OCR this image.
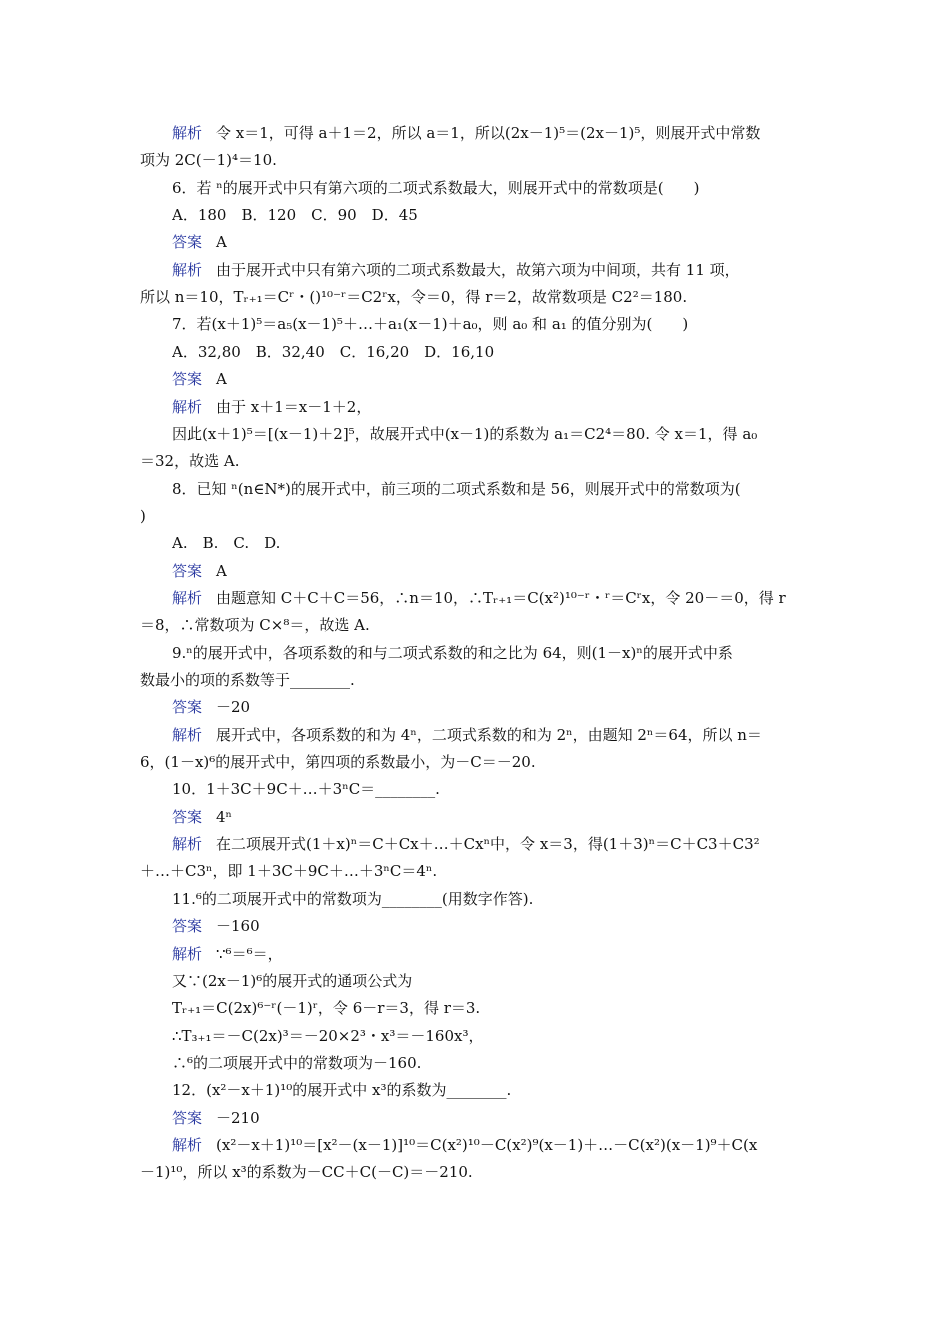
解析 令 x＝1，可得 a＋1＝2，所以 a＝1，所以(2x－1)⁵＝(2x－1)⁵，则展开式中常数
项为 2C(－1)⁴＝10.
6．若 ⁿ的展开式中只有第六项的二项式系数最大，则展开式中的常数项是(　　)
A．180　B．120　C．90　D．45
答案 A
解析 由于展开式中只有第六项的二项式系数最大，故第六项为中间项，共有 11 项，
所以 n＝10，Tᵣ₊₁＝Cʳ・()¹⁰⁻ʳ＝C2ʳx，令＝0，得 r＝2，故常数项是 C2²＝180.
7．若(x＋1)⁵＝a₅(x－1)⁵＋…＋a₁(x－1)＋a₀，则 a₀ 和 a₁ 的值分别为(　　)
A．32,80　B．32,40　C．16,20　D．16,10
答案 A
解析 由于 x＋1＝x－1＋2，
因此(x＋1)⁵＝[(x－1)＋2]⁵，故展开式中(x－1)的系数为 a₁＝C2⁴＝80. 令 x＝1，得 a₀
＝32，故选 A.
8．已知 ⁿ(n∈N*)的展开式中，前三项的二项式系数和是 56，则展开式中的常数项为(
)
A.　B.　C.　D.
答案 A
解析 由题意知 C＋C＋C＝56，∴n＝10，∴Tᵣ₊₁＝C(x²)¹⁰⁻ʳ・ʳ＝Cʳx，令 20－＝0，得 r
＝8，∴常数项为 C×⁸＝，故选 A.
9.ⁿ的展开式中，各项系数的和与二项式系数的和之比为 64，则(1－x)ⁿ的展开式中系
数最小的项的系数等于________.
答案 －20
解析 展开式中，各项系数的和为 4ⁿ，二项式系数的和为 2ⁿ，由题知 2ⁿ＝64，所以 n＝
6，(1－x)⁶的展开式中，第四项的系数最小，为－C＝－20.
10．1＋3C＋9C＋…＋3ⁿC＝________.
答案 4ⁿ
解析 在二项展开式(1＋x)ⁿ＝C＋Cx＋…＋Cxⁿ中，令 x＝3，得(1＋3)ⁿ＝C＋C3＋C3²
＋…＋C3ⁿ，即 1＋3C＋9C＋…＋3ⁿC＝4ⁿ.
11.⁶的二项展开式中的常数项为________(用数字作答).
答案 －160
解析 ∵⁶＝⁶＝，
又∵(2x－1)⁶的展开式的通项公式为
Tᵣ₊₁＝C(2x)⁶⁻ʳ(－1)ʳ，令 6－r＝3，得 r＝3.
∴T₃₊₁＝－C(2x)³＝－20×2³・x³＝－160x³，
∴⁶的二项展开式中的常数项为－160.
12．(x²－x＋1)¹⁰的展开式中 x³的系数为________.
答案 －210
解析 (x²－x＋1)¹⁰＝[x²－(x－1)]¹⁰＝C(x²)¹⁰－C(x²)⁹(x－1)＋…－C(x²)(x－1)⁹＋C(x
－1)¹⁰，所以 x³的系数为－CC＋C(－C)＝－210.
